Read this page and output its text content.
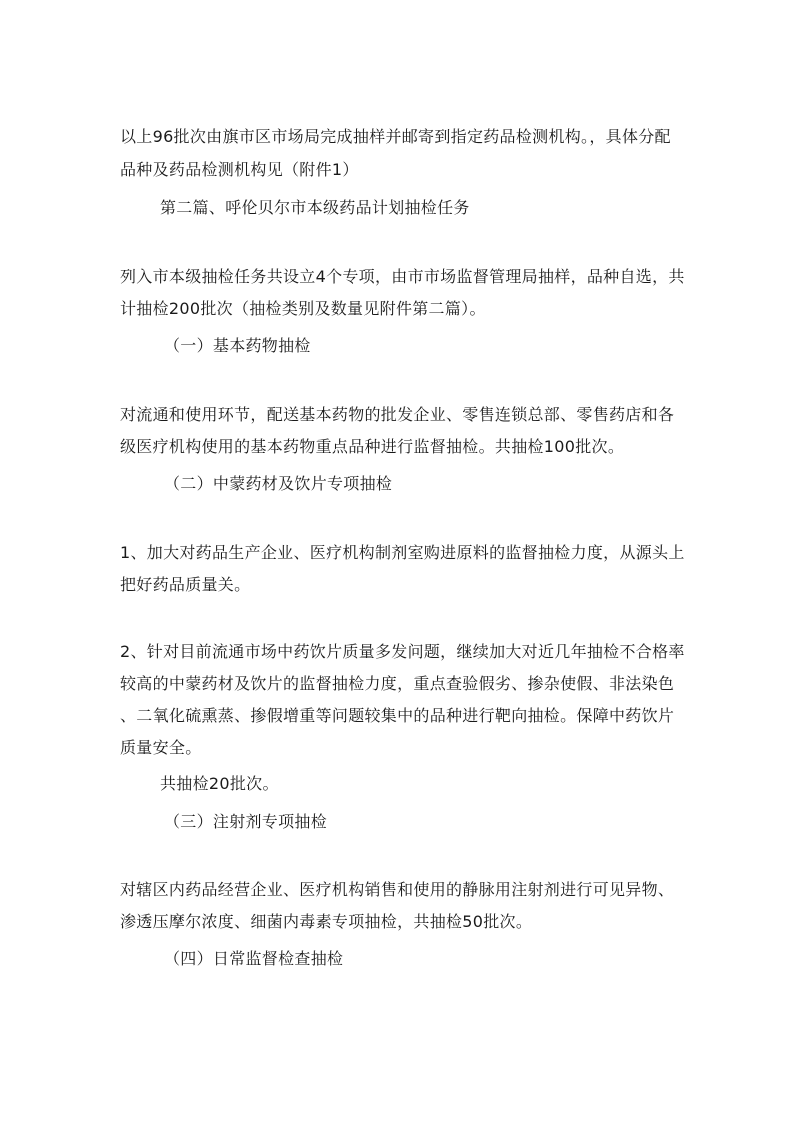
以上96批次由旗市区市场局完成抽样并邮寄到指定药品检测机构。，具体分配
品种及药品检测机构见（附件1）
第二篇、呼伦贝尔市本级药品计划抽检任务
列入市本级抽检任务共设立4个专项，由市市场监督管理局抽样，品种自选，共
计抽检200批次（抽检类别及数量见附件第二篇）。
（一）基本药物抽检
对流通和使用环节，配送基本药物的批发企业、零售连锁总部、零售药店和各
级医疗机构使用的基本药物重点品种进行监督抽检。共抽检100批次。
（二）中蒙药材及饮片专项抽检
1、加大对药品生产企业、医疗机构制剂室购进原料的监督抽检力度，从源头上
把好药品质量关。
2、针对目前流通市场中药饮片质量多发问题，继续加大对近几年抽检不合格率
较高的中蒙药材及饮片的监督抽检力度，重点查验假劣、掺杂使假、非法染色
、二氧化硫熏蒸、掺假增重等问题较集中的品种进行靶向抽检。保障中药饮片
质量安全。
共抽检20批次。
（三）注射剂专项抽检
对辖区内药品经营企业、医疗机构销售和使用的静脉用注射剂进行可见异物、
渗透压摩尔浓度、细菌内毒素专项抽检，共抽检50批次。
（四）日常监督检查抽检
